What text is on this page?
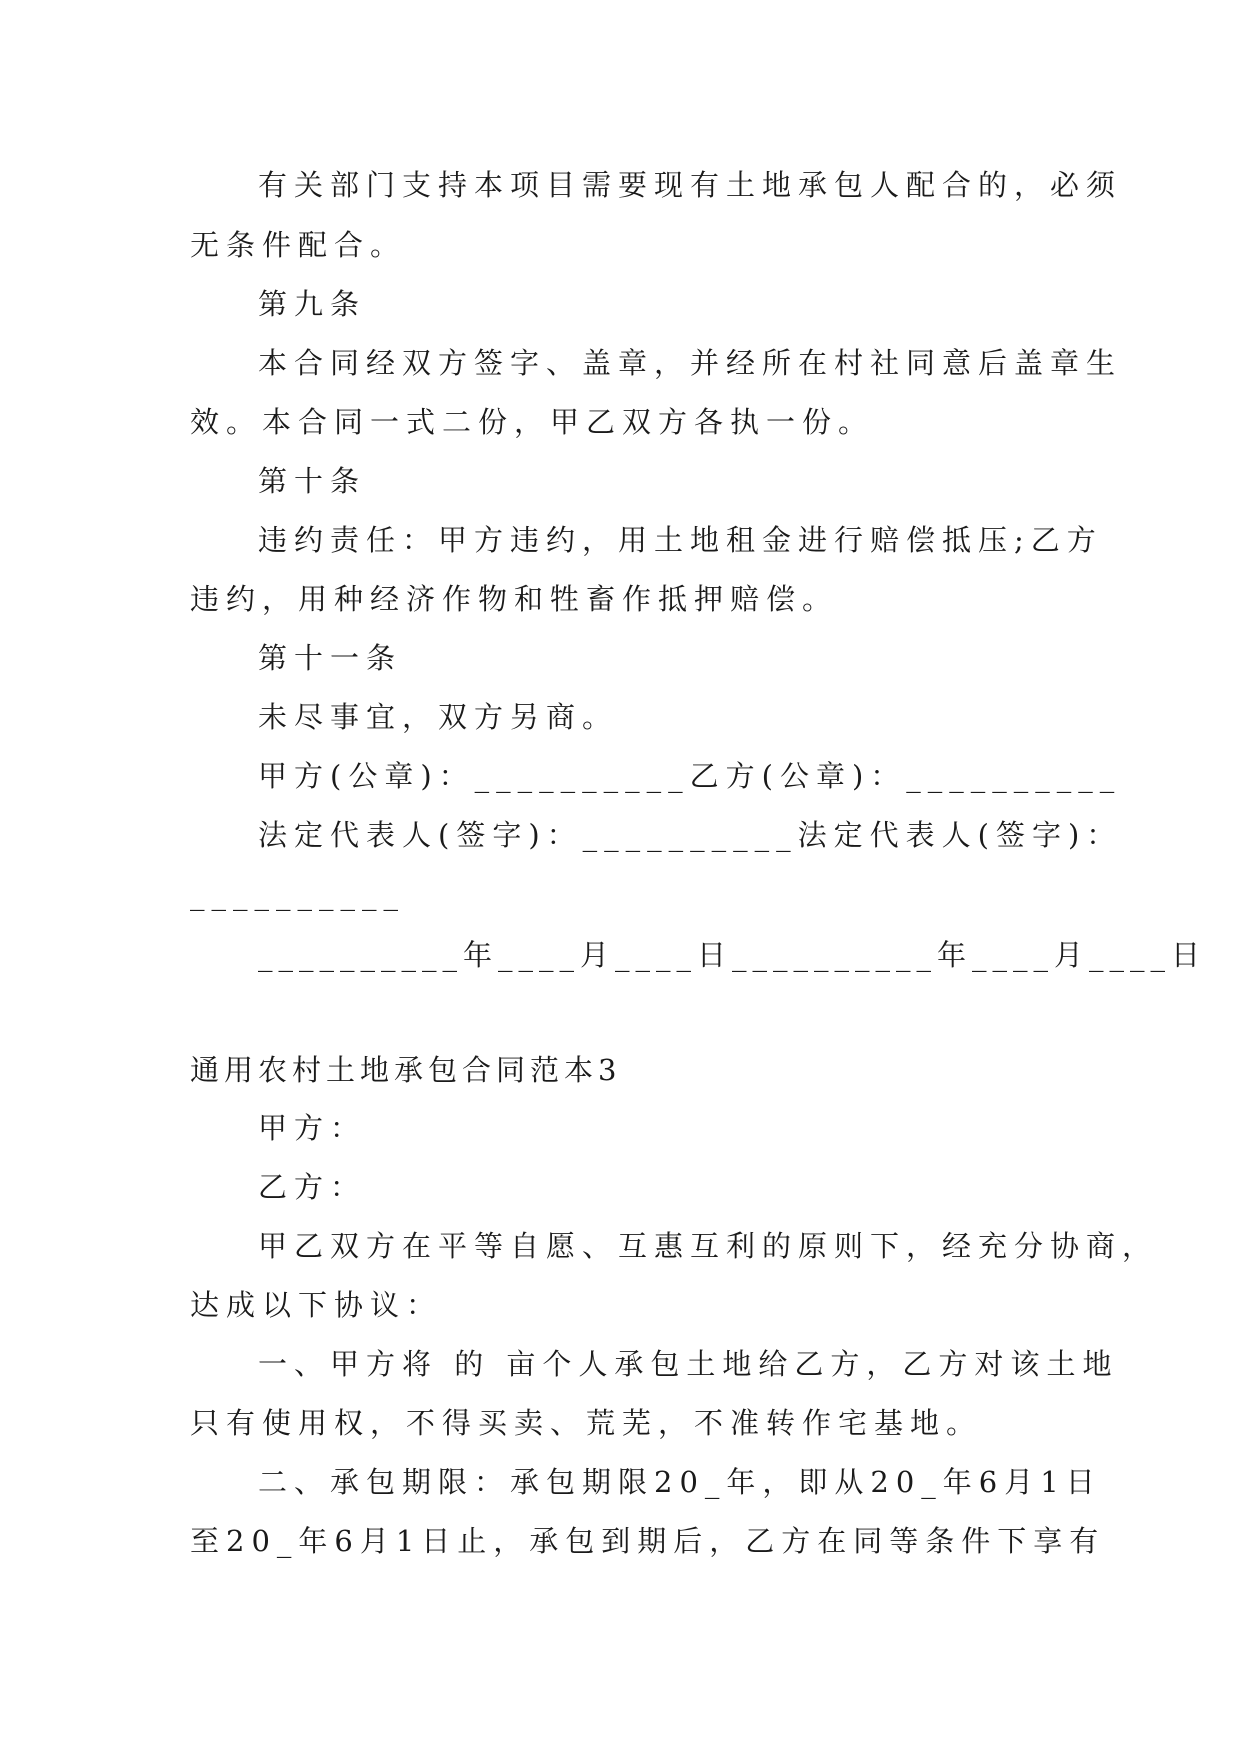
有关部门支持本项目需要现有土地承包人配合的，必须
无条件配合。
第九条
本合同经双方签字、盖章，并经所在村社同意后盖章生
效。本合同一式二份，甲乙双方各执一份。
第十条
违约责任：甲方违约，用土地租金进行赔偿抵压;乙方
违约，用种经济作物和牲畜作抵押赔偿。
第十一条
未尽事宜，双方另商。
甲方(公章)：__________乙方(公章)：__________
法定代表人(签字)：__________法定代表人(签字)：
__________
__________年____月____日__________年____月____日
通用农村土地承包合同范本3
甲方：
乙方：
甲乙双方在平等自愿、互惠互利的原则下，经充分协商，
达成以下协议：
一、甲方将 的 亩个人承包土地给乙方，乙方对该土地
只有使用权，不得买卖、荒芜，不准转作宅基地。
二、承包期限：承包期限20_年，即从20_年6月1日
至20_年6月1日止，承包到期后，乙方在同等条件下享有
